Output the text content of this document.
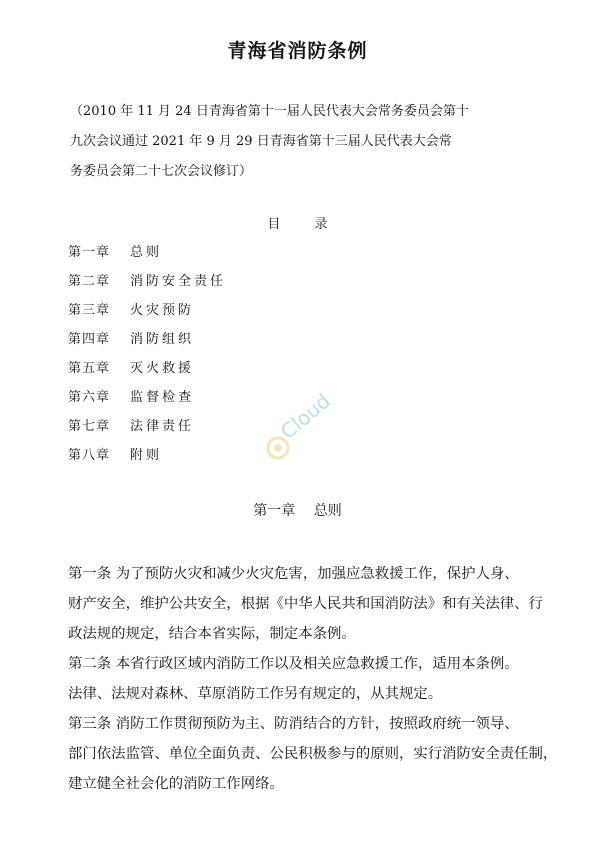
青海省消防条例
（2010 年 11 月 24 日青海省第十一届人民代表大会常务委员会第十
九次会议通过 2021 年 9 月 29 日青海省第十三届人民代表大会常
务委员会第二十七次会议修订）
目 录
第一章 总则
第二章 消防安全责任
第三章 火灾预防
第四章 消防组织
第五章 灭火救援
第六章 监督检查
第七章 法律责任
第八章 附则
Cloud
第一章 总则
第一条 为了预防火灾和减少火灾危害，加强应急救援工作，保护人身、
财产安全，维护公共安全，根据《中华人民共和国消防法》和有关法律、行
政法规的规定，结合本省实际，制定本条例。
第二条 本省行政区域内消防工作以及相关应急救援工作，适用本条例。
法律、法规对森林、草原消防工作另有规定的，从其规定。
第三条 消防工作贯彻预防为主、防消结合的方针，按照政府统一领导、
部门依法监管、单位全面负责、公民积极参与的原则，实行消防安全责任制，
建立健全社会化的消防工作网络。
